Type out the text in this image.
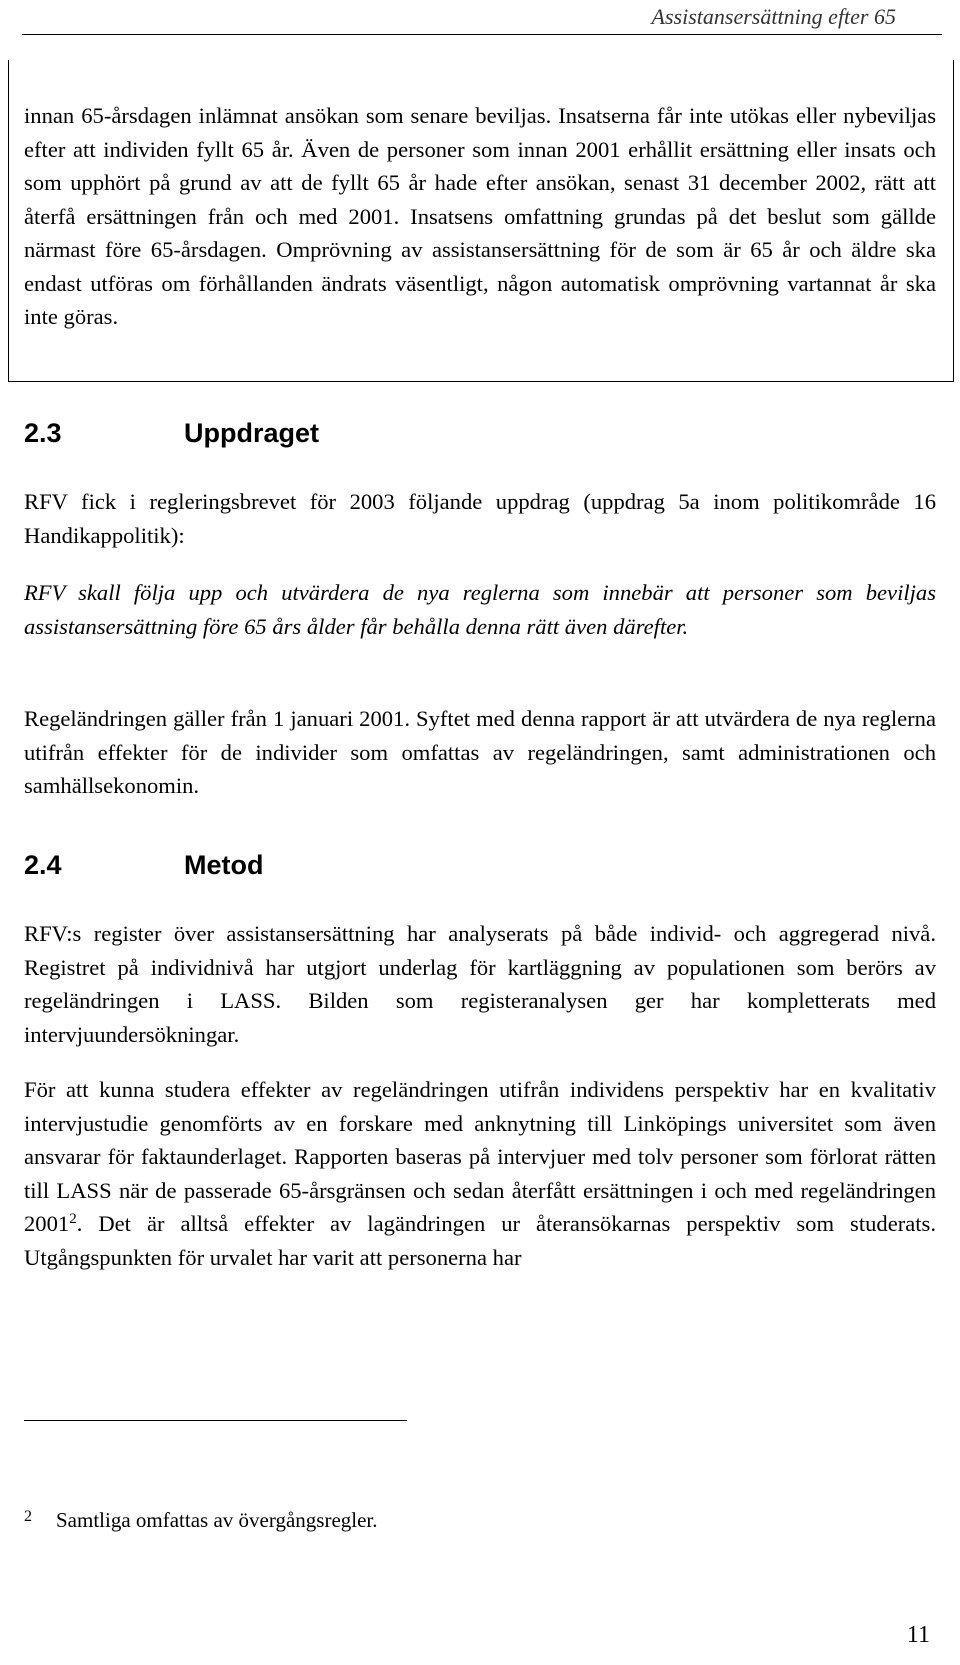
Assistansersättning efter 65

innan 65-årsdagen inlämnat ansökan som senare beviljas. Insatserna får inte utökas eller nybeviljas efter att individen fyllt 65 år. Även de personer som innan 2001 erhållit ersättning eller insats och som upphört på grund av att de fyllt 65 år hade efter ansökan, senast 31 december 2002, rätt att återfå ersättningen från och med 2001. Insatsens omfattning grundas på det beslut som gällde närmast före 65-årsdagen. Omprövning av assistansersättning för de som är 65 år och äldre ska endast utföras om förhållanden ändrats väsentligt, någon automatisk omprövning vartannat år ska inte göras.

2.3	Uppdraget

RFV fick i regleringsbrevet för 2003 följande uppdrag (uppdrag 5a inom politikområde 16 Handikappolitik):

RFV skall följa upp och utvärdera de nya reglerna som innebär att personer som beviljas assistansersättning före 65 års ålder får behålla denna rätt även därefter.

Regeländringen gäller från 1 januari 2001. Syftet med denna rapport är att utvärdera de nya reglerna utifrån effekter för de individer som omfattas av regeländringen, samt administrationen och samhällsekonomin.

2.4	Metod

RFV:s register över assistansersättning har analyserats på både individ- och aggregerad nivå. Registret på individnivå har utgjort underlag för kartläggning av populationen som berörs av regeländringen i LASS. Bilden som registeranalysen ger har kompletterats med intervjuundersökningar.

För att kunna studera effekter av regeländringen utifrån individens perspektiv har en kvalitativ intervjustudie genomförts av en forskare med anknytning till Linköpings universitet som även ansvarar för faktaunderlaget. Rapporten baseras på intervjuer med tolv personer som förlorat rätten till LASS när de passerade 65-årsgränsen och sedan återfått ersättningen i och med regeländringen 2001$^2$. Det är alltså effekter av lagändringen ur återansökarnas perspektiv som studerats. Utgångspunkten för urvalet har varit att personerna har

2 Samtliga omfattas av övergångsregler.

11
